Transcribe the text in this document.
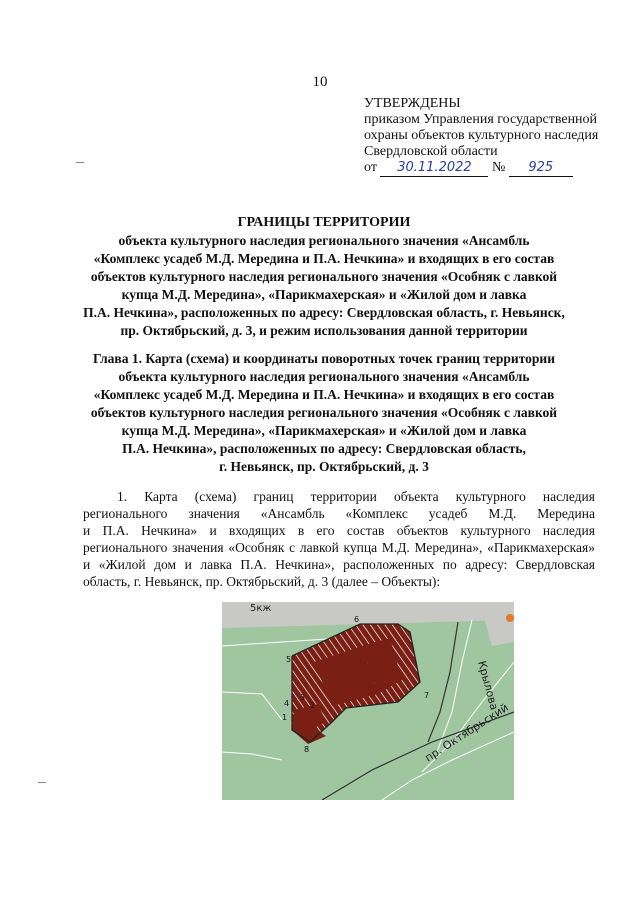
10
УТВЕРЖДЕНЫ
приказом Управления государственной
охраны объектов культурного наследия
Свердловской области
от 30.11.2022 № 925
ГРАНИЦЫ ТЕРРИТОРИИ
объекта культурного наследия регионального значения «Ансамбль
«Комплекс усадеб М.Д. Мередина и П.А. Нечкина» и входящих в его состав
объектов культурного наследия регионального значения «Особняк с лавкой
купца М.Д. Мередина», «Парикмахерская» и «Жилой дом и лавка
П.А. Нечкина», расположенных по адресу: Свердловская область, г. Невьянск,
пр. Октябрьский, д. 3, и режим использования данной территории
Глава 1. Карта (схема) и координаты поворотных точек границ территории
объекта культурного наследия регионального значения «Ансамбль
«Комплекс усадеб М.Д. Мередина и П.А. Нечкина» и входящих в его состав
объектов культурного наследия регионального значения «Особняк с лавкой
купца М.Д. Мередина», «Парикмахерская» и «Жилой дом и лавка
П.А. Нечкина», расположенных по адресу: Свердловская область,
г. Невьянск, пр. Октябрьский, д. 3
1. Карта (схема) границ территории объекта культурного наследия
регионального значения «Ансамбль «Комплекс усадеб М.Д. Мередина
и П.А. Нечкина» и входящих в его состав объектов культурного наследия
регионального значения «Особняк с лавкой купца М.Д. Мередина», «Парикмахерская»
и «Жилой дом и лавка П.А. Нечкина», расположенных по адресу: Свердловская
область, г. Невьянск, пр. Октябрьский, д. 3 (далее – Объекты):
5кж
Крылова
пр. Октябрьский
6
5
3
2
4
1
7
8
